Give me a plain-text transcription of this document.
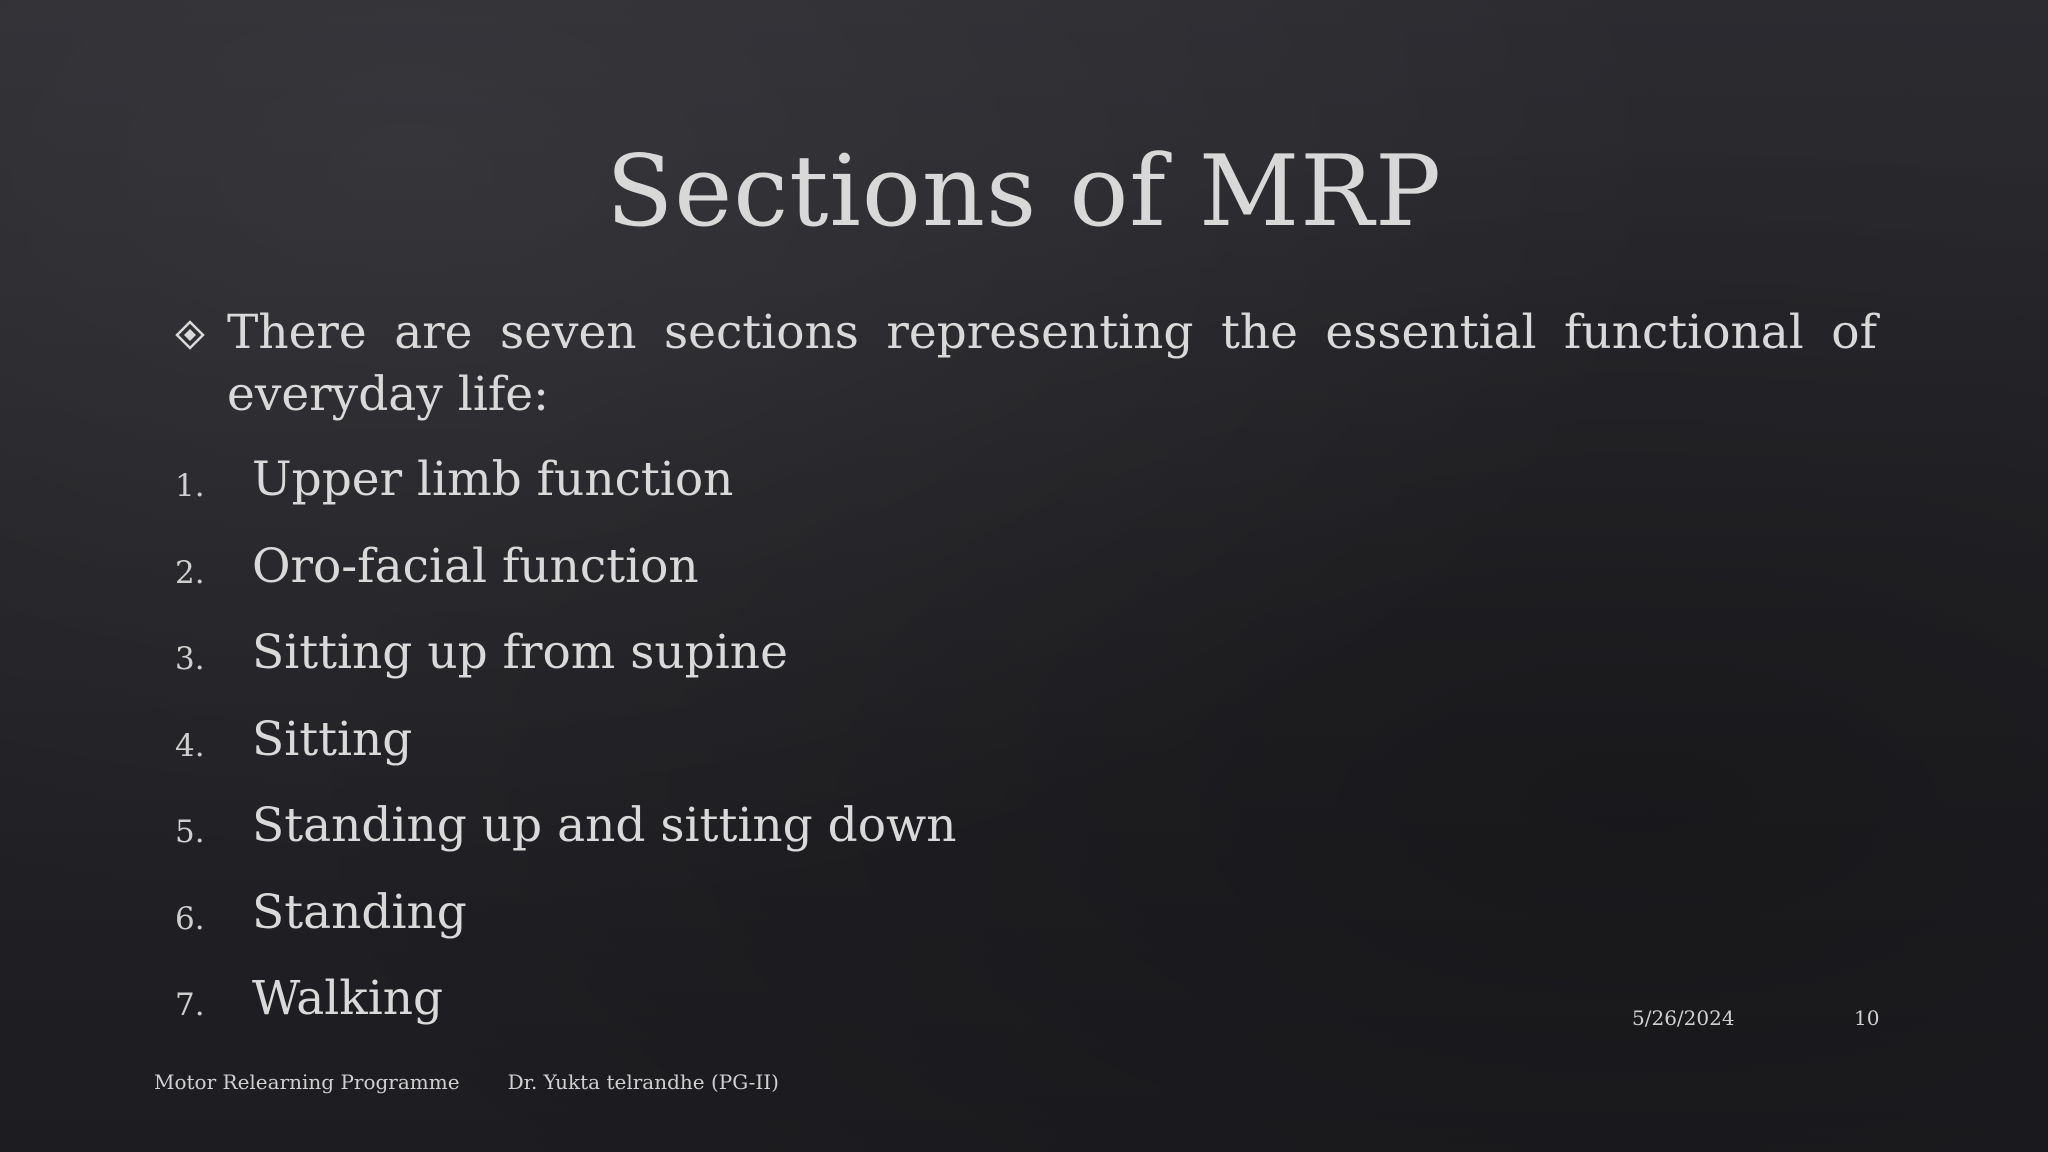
Sections of MRP
There are seven sections representing the essential functional of everyday life:
1. Upper limb function
2. Oro-facial function
3. Sitting up from supine
4. Sitting
5. Standing up and sitting down
6. Standing
7. Walking	5/26/2024	10
Motor Relearning Programme Dr. Yukta telrandhe (PG-II)
